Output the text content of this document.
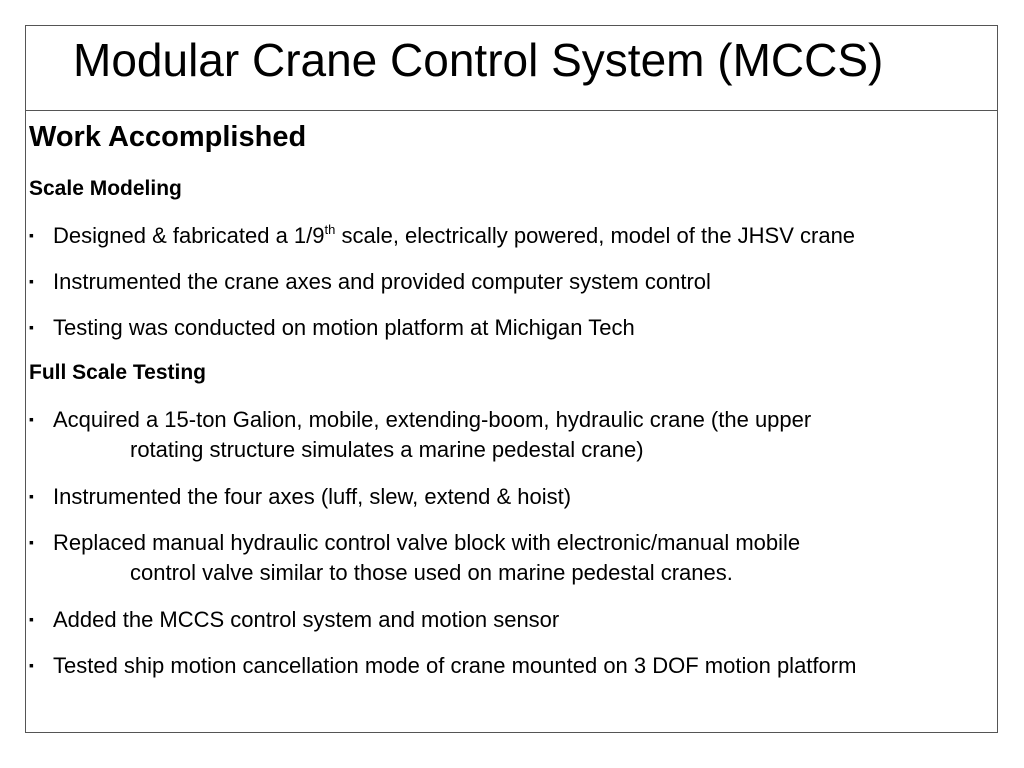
Modular Crane Control System (MCCS)
Work Accomplished
Scale Modeling
▪ Designed & fabricated a 1/9th scale, electrically powered, model of the JHSV crane
▪ Instrumented the crane axes and provided computer system control
▪ Testing was conducted on motion platform at Michigan Tech
Full Scale Testing
▪ Acquired a 15-ton Galion, mobile, extending-boom, hydraulic crane (the upper
rotating structure simulates a marine pedestal crane)
▪ Instrumented the four axes (luff, slew, extend & hoist)
▪ Replaced manual hydraulic control valve block with electronic/manual mobile
control valve similar to those used on marine pedestal cranes.
▪ Added the MCCS control system and motion sensor
▪ Tested ship motion cancellation mode of crane mounted on 3 DOF motion platform
